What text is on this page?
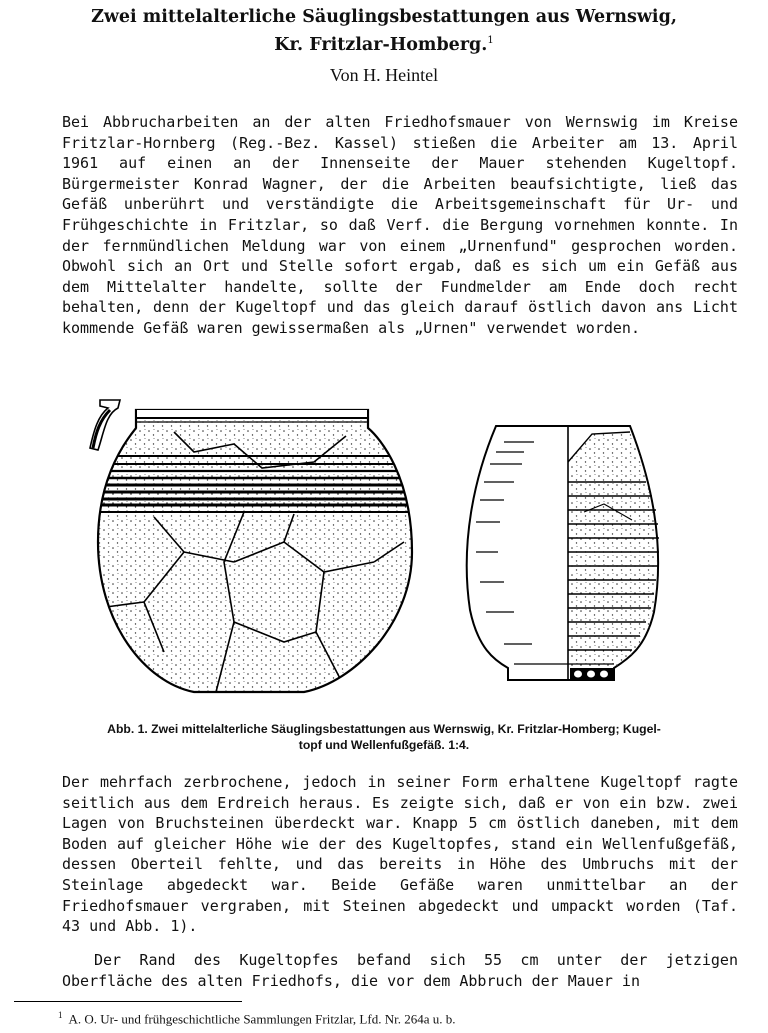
Zwei mittelalterliche Säuglingsbestattungen aus Wernswig,
Kr. Fritzlar-Homberg.$^1$
Von H. Heintel

Bei Abbrucharbeiten an der alten Friedhofsmauer von Wernswig im Kreise Fritzlar-Hornberg (Reg.-Bez. Kassel) stießen die Arbeiter am 13. April 1961 auf einen an der Innenseite der Mauer stehenden Kugeltopf. Bürgermeister Konrad Wagner, der die Arbeiten beaufsichtigte, ließ das Gefäß unberührt und verständigte die Arbeitsgemeinschaft für Ur- und Frühgeschichte in Fritzlar, so daß Verf. die Bergung vornehmen konnte. In der fernmündlichen Meldung war von einem „Urnenfund" gesprochen worden. Obwohl sich an Ort und Stelle sofort ergab, daß es sich um ein Gefäß aus dem Mittelalter handelte, sollte der Fundmelder am Ende doch recht behalten, denn der Kugeltopf und das gleich darauf östlich davon ans Licht kommende Gefäß waren gewissermaßen als „Urnen" verwendet worden.

Abb. 1. Zwei mittelalterliche Säuglingsbestattungen aus Wernswig, Kr. Fritzlar-Homberg; Kugel-
topf und Wellenfußgefäß. 1:4.

Der mehrfach zerbrochene, jedoch in seiner Form erhaltene Kugeltopf ragte seitlich aus dem Erdreich heraus. Es zeigte sich, daß er von ein bzw. zwei Lagen von Bruchsteinen überdeckt war. Knapp 5 cm östlich daneben, mit dem Boden auf gleicher Höhe wie der des Kugeltopfes, stand ein Wellenfußgefäß, dessen Oberteil fehlte, und das bereits in Höhe des Umbruchs mit der Steinlage abgedeckt war. Beide Gefäße waren unmittelbar an der Friedhofsmauer vergraben, mit Steinen abgedeckt und umpackt worden (Taf. 43 und Abb. 1).

Der Rand des Kugeltopfes befand sich 55 cm unter der jetzigen Oberfläche des alten Friedhofs, die vor dem Abbruch der Mauer in

$^1$ A. O. Ur- und frühgeschichtliche Sammlungen Fritzlar, Lfd. Nr. 264a u. b.
